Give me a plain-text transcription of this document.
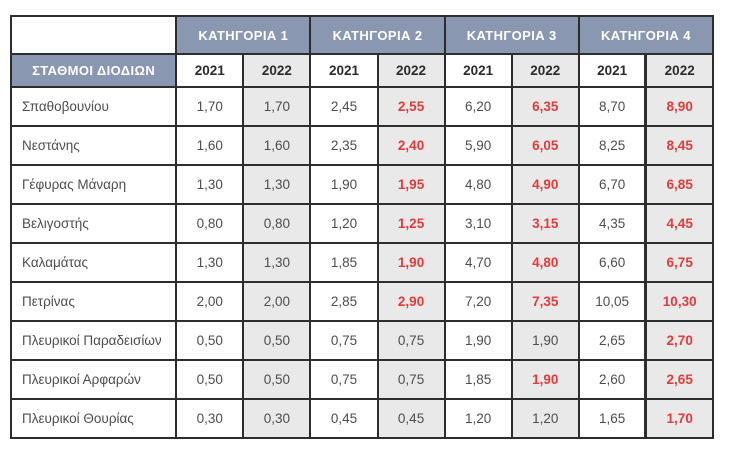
	ΚΑΤΗΓΟΡΙΑ 1		ΚΑΤΗΓΟΡΙΑ 2		ΚΑΤΗΓΟΡΙΑ 3		ΚΑΤΗΓΟΡΙΑ 4	
ΣΤΑΘΜΟΙ ΔΙΟΔΙΩΝ	2021	2022	2021	2022	2021	2022	2021	2022
Σπαθοβουνίου	1,70	1,70	2,45	2,55	6,20	6,35	8,70	8,90
Νεστάνης	1,60	1,60	2,35	2,40	5,90	6,05	8,25	8,45
Γέφυρας Μάναρη	1,30	1,30	1,90	1,95	4,80	4,90	6,70	6,85
Βελιγοστής	0,80	0,80	1,20	1,25	3,10	3,15	4,35	4,45
Καλαμάτας	1,30	1,30	1,85	1,90	4,70	4,80	6,60	6,75
Πετρίνας	2,00	2,00	2,85	2,90	7,20	7,35	10,05	10,30
Πλευρικοί Παραδεισίων	0,50	0,50	0,75	0,75	1,90	1,90	2,65	2,70
Πλευρικοί Αρφαρών	0,50	0,50	0,75	0,75	1,85	1,90	2,60	2,65
Πλευρικοί Θουρίας	0,30	0,30	0,45	0,45	1,20	1,20	1,65	1,70
